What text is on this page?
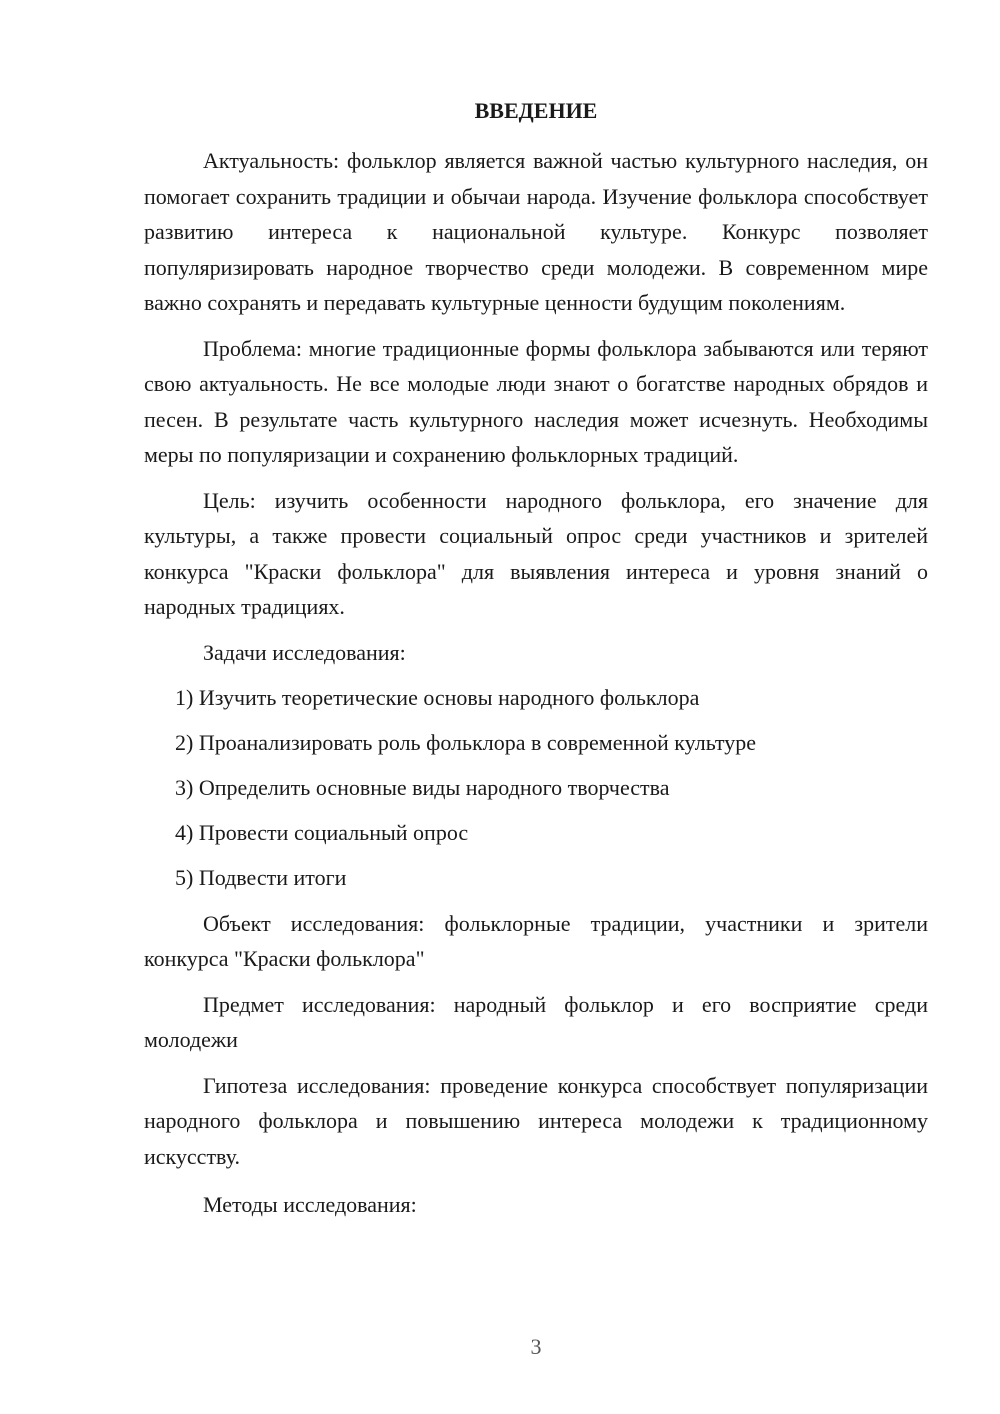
ВВЕДЕНИЕ

Актуальность: фольклор является важной частью культурного наследия, он помогает сохранить традиции и обычаи народа. Изучение фольклора способствует развитию интереса к национальной культуре. Конкурс позволяет популяризировать народное творчество среди молодежи. В современном мире важно сохранять и передавать культурные ценности будущим поколениям.

Проблема: многие традиционные формы фольклора забываются или теряют свою актуальность. Не все молодые люди знают о богатстве народных обрядов и песен. В результате часть культурного наследия может исчезнуть. Необходимы меры по популяризации и сохранению фольклорных традиций.

Цель: изучить особенности народного фольклора, его значение для культуры, а также провести социальный опрос среди участников и зрителей конкурса "Краски фольклора" для выявления интереса и уровня знаний о народных традициях.

Задачи исследования:

1) Изучить теоретические основы народного фольклора
2) Проанализировать роль фольклора в современной культуре
3) Определить основные виды народного творчества
4) Провести социальный опрос
5) Подвести итоги

Объект исследования: фольклорные традиции, участники и зрители конкурса "Краски фольклора"

Предмет исследования: народный фольклор и его восприятие среди молодежи

Гипотеза исследования: проведение конкурса способствует популяризации народного фольклора и повышению интереса молодежи к традиционному искусству.

Методы исследования:

3
